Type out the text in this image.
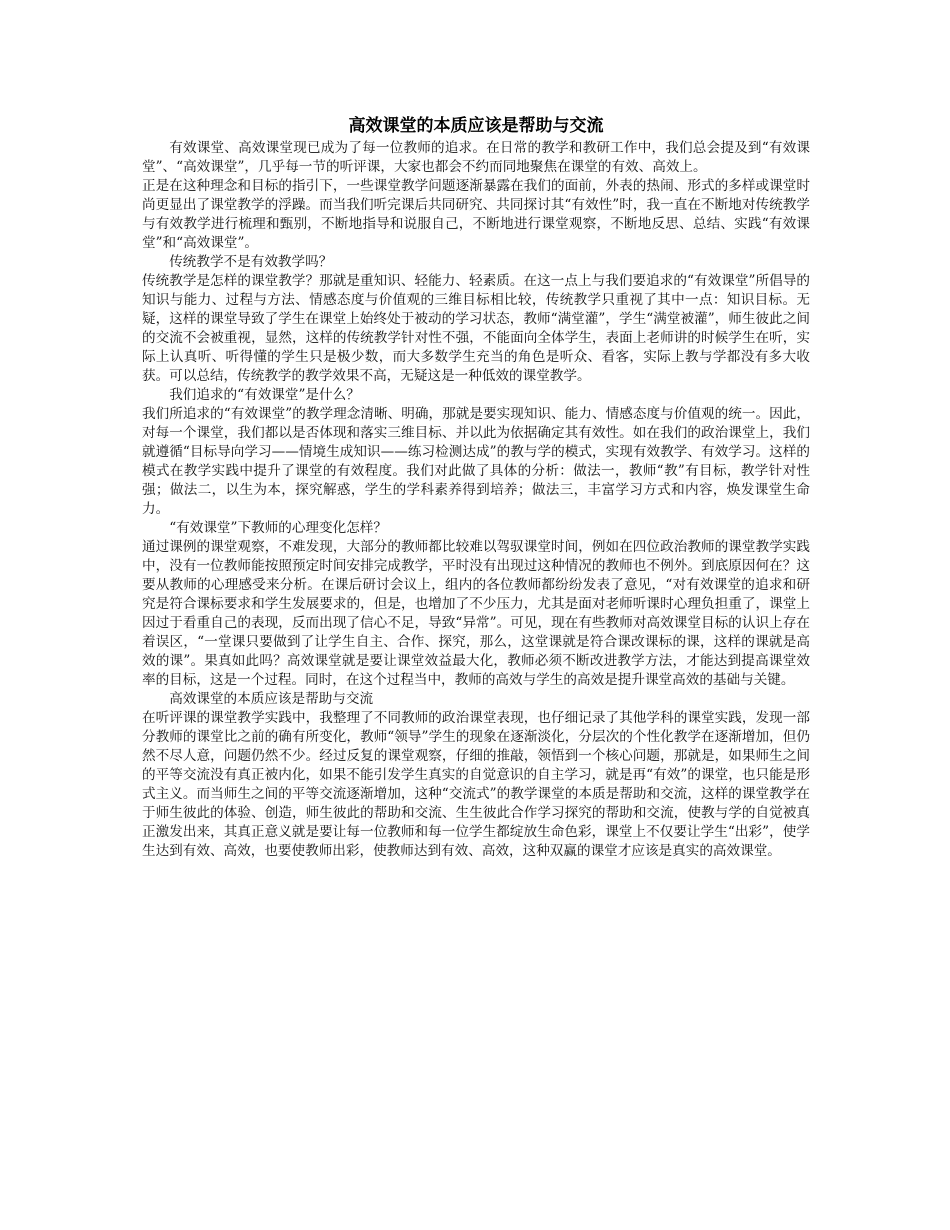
高效课堂的本质应该是帮助与交流

有效课堂、高效课堂现已成为了每一位教师的追求。在日常的教学和教研工作中，我们总会提及到“有效课堂”、“高效课堂”，几乎每一节的听评课，大家也都会不约而同地聚焦在课堂的有效、高效上。

正是在这种理念和目标的指引下，一些课堂教学问题逐渐暴露在我们的面前，外表的热闹、形式的多样或课堂时尚更显出了课堂教学的浮躁。而当我们听完课后共同研究、共同探讨其“有效性”时，我一直在不断地对传统教学与有效教学进行梳理和甄别，不断地指导和说服自己，不断地进行课堂观察，不断地反思、总结、实践“有效课堂”和“高效课堂”。

传统教学不是有效教学吗？

传统教学是怎样的课堂教学？那就是重知识、轻能力、轻素质。在这一点上与我们要追求的“有效课堂”所倡导的知识与能力、过程与方法、情感态度与价值观的三维目标相比较，传统教学只重视了其中一点：知识目标。无疑，这样的课堂导致了学生在课堂上始终处于被动的学习状态，教师“满堂灌”，学生“满堂被灌”，师生彼此之间的交流不会被重视，显然，这样的传统教学针对性不强，不能面向全体学生，表面上老师讲的时候学生在听，实际上认真听、听得懂的学生只是极少数，而大多数学生充当的角色是听众、看客，实际上教与学都没有多大收获。可以总结，传统教学的教学效果不高，无疑这是一种低效的课堂教学。

我们追求的“有效课堂”是什么？

我们所追求的“有效课堂”的教学理念清晰、明确，那就是要实现知识、能力、情感态度与价值观的统一。因此，对每一个课堂，我们都以是否体现和落实三维目标、并以此为依据确定其有效性。如在我们的政治课堂上，我们就遵循“目标导向学习——情境生成知识——练习检测达成”的教与学的模式，实现有效教学、有效学习。这样的模式在教学实践中提升了课堂的有效程度。我们对此做了具体的分析：做法一，教师“教”有目标，教学针对性强；做法二，以生为本，探究解惑，学生的学科素养得到培养；做法三，丰富学习方式和内容，焕发课堂生命力。

“有效课堂”下教师的心理变化怎样？

通过课例的课堂观察，不难发现，大部分的教师都比较难以驾驭课堂时间，例如在四位政治教师的课堂教学实践中，没有一位教师能按照预定时间安排完成教学，平时没有出现过这种情况的教师也不例外。到底原因何在？这要从教师的心理感受来分析。在课后研讨会议上，组内的各位教师都纷纷发表了意见，“对有效课堂的追求和研究是符合课标要求和学生发展要求的，但是，也增加了不少压力，尤其是面对老师听课时心理负担重了，课堂上因过于看重自己的表现，反而出现了信心不足，导致“异常”。可见，现在有些教师对高效课堂目标的认识上存在着误区，“一堂课只要做到了让学生自主、合作、探究，那么，这堂课就是符合课改课标的课，这样的课就是高效的课”。果真如此吗？高效课堂就是要让课堂效益最大化，教师必须不断改进教学方法，才能达到提高课堂效率的目标，这是一个过程。同时，在这个过程当中，教师的高效与学生的高效是提升课堂高效的基础与关键。

高效课堂的本质应该是帮助与交流

在听评课的课堂教学实践中，我整理了不同教师的政治课堂表现，也仔细记录了其他学科的课堂实践，发现一部分教师的课堂比之前的确有所变化，教师“领导”学生的现象在逐渐淡化，分层次的个性化教学在逐渐增加，但仍然不尽人意，问题仍然不少。经过反复的课堂观察，仔细的推敲，领悟到一个核心问题，那就是，如果师生之间的平等交流没有真正被内化，如果不能引发学生真实的自觉意识的自主学习，就是再“有效”的课堂，也只能是形式主义。而当师生之间的平等交流逐渐增加，这种“交流式”的教学课堂的本质是帮助和交流，这样的课堂教学在于师生彼此的体验、创造，师生彼此的帮助和交流、生生彼此合作学习探究的帮助和交流，使教与学的自觉被真正激发出来，其真正意义就是要让每一位教师和每一位学生都绽放生命色彩，课堂上不仅要让学生“出彩”，使学生达到有效、高效，也要使教师出彩，使教师达到有效、高效，这种双赢的课堂才应该是真实的高效课堂。
